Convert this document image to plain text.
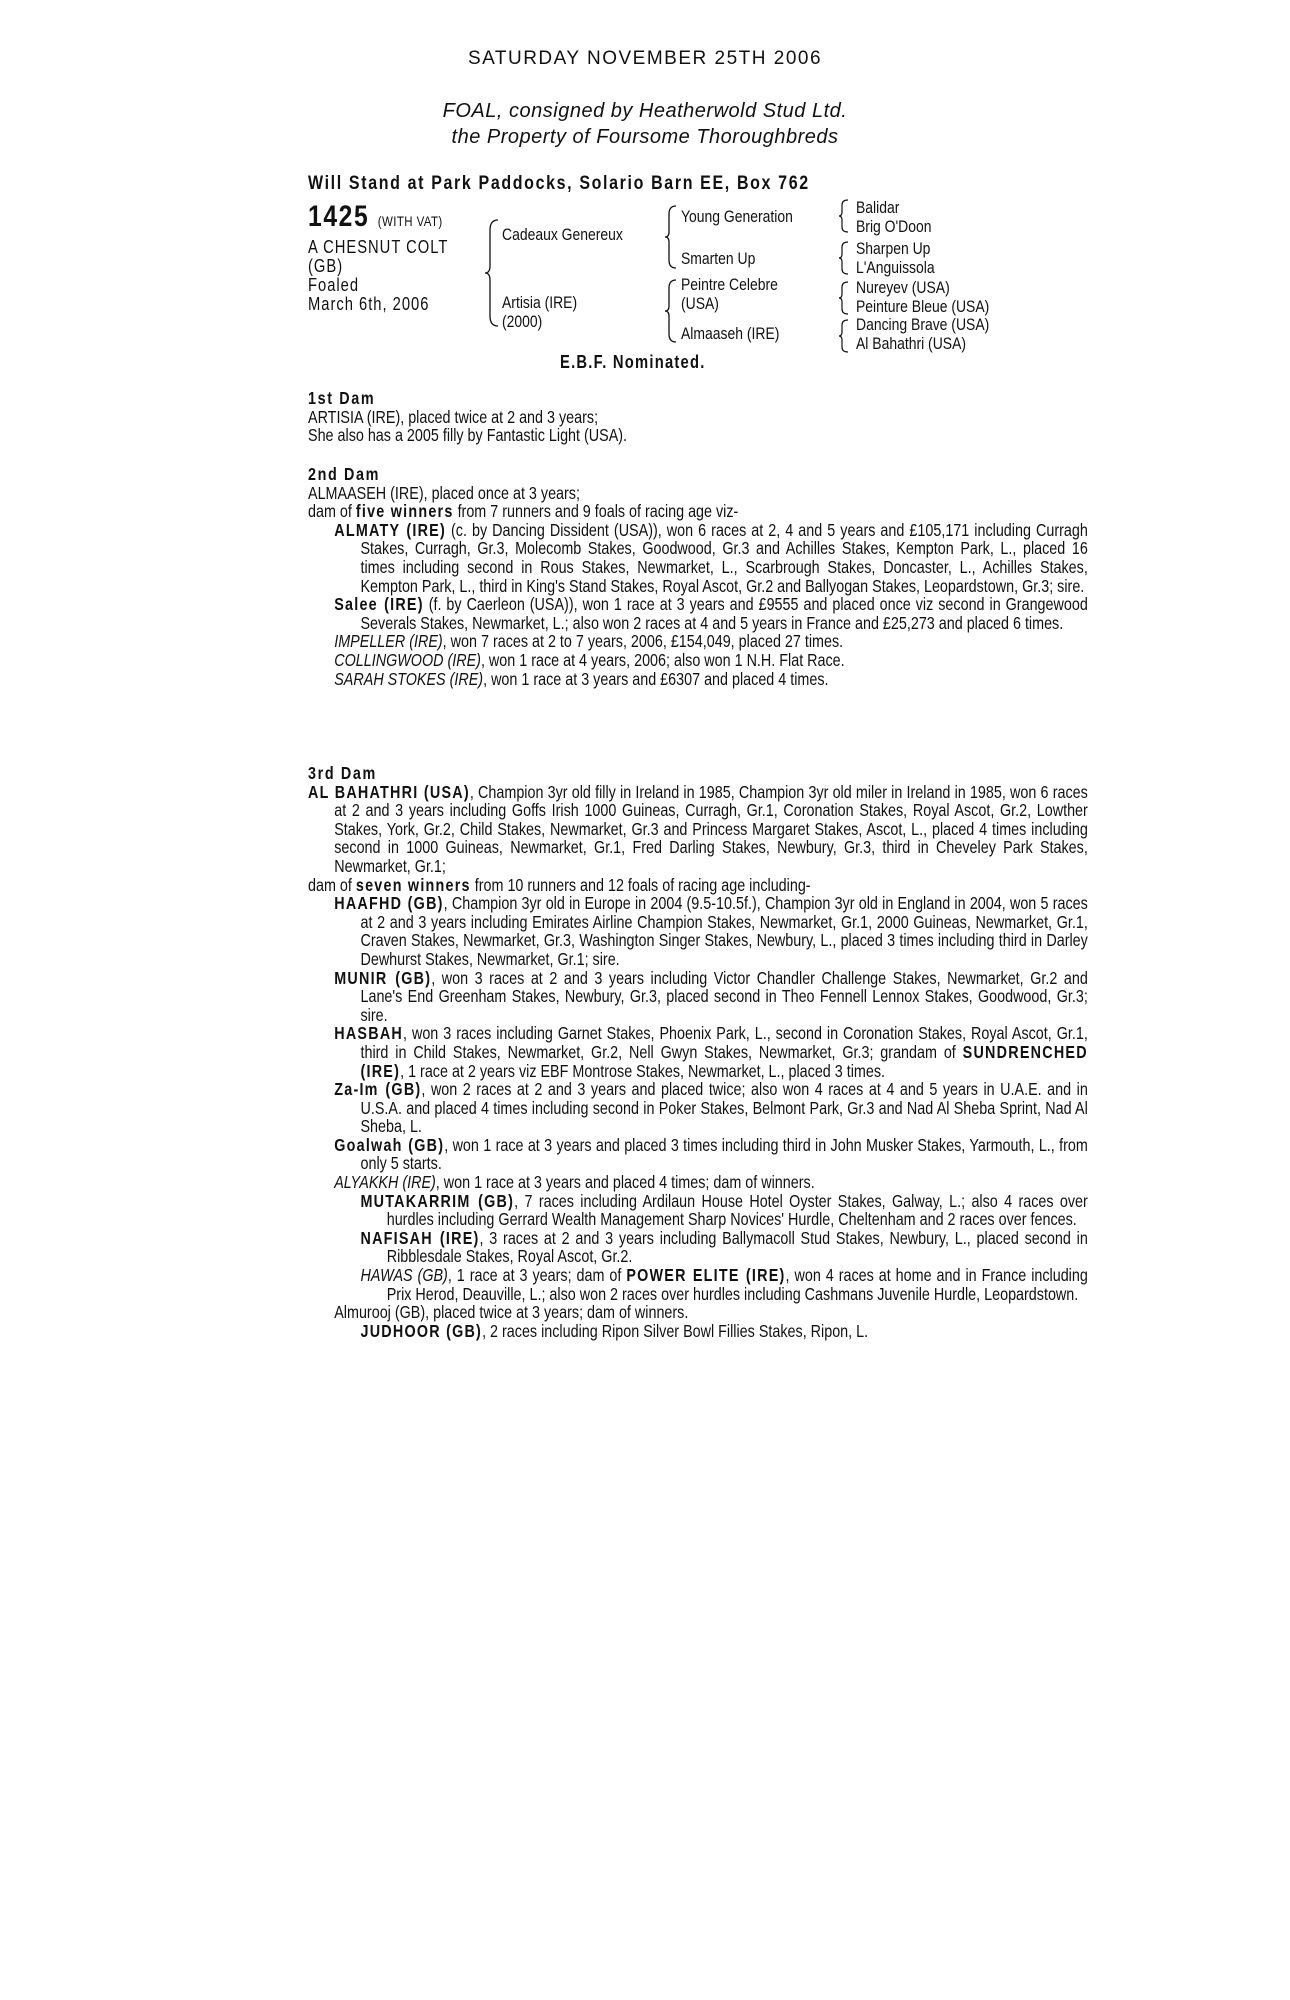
SATURDAY NOVEMBER 25TH 2006
FOAL, consigned by Heatherwold Stud Ltd.
the Property of Foursome Thoroughbreds
Will Stand at Park Paddocks, Solario Barn EE, Box 762
1425 (WITH VAT)
A CHESNUT COLT
(GB)
Foaled
March 6th, 2006
Cadeaux Genereux
Artisia (IRE)
(2000)
Young Generation
Smarten Up
Peintre Celebre
(USA)
Almaaseh (IRE)
Balidar
Brig O'Doon
Sharpen Up
L'Anguissola
Nureyev (USA)
Peinture Bleue (USA)
Dancing Brave (USA)
Al Bahathri (USA)
E.B.F. Nominated.

1st Dam

ARTISIA (IRE), placed twice at 2 and 3 years;

She also has a 2005 filly by Fantastic Light (USA).

2nd Dam

ALMAASEH (IRE), placed once at 3 years;

dam of five winners from 7 runners and 9 foals of racing age viz-

ALMATY (IRE) (c. by Dancing Dissident (USA)), won 6 races at 2, 4 and 5 years and £105,171 including Curragh Stakes, Curragh, Gr.3, Molecomb Stakes, Goodwood, Gr.3 and Achilles Stakes, Kempton Park, L., placed 16 times including second in Rous Stakes, Newmarket, L., Scarbrough Stakes, Doncaster, L., Achilles Stakes, Kempton Park, L., third in King's Stand Stakes, Royal Ascot, Gr.2 and Ballyogan Stakes, Leopardstown, Gr.3; sire.

Salee (IRE) (f. by Caerleon (USA)), won 1 race at 3 years and £9555 and placed once viz second in Grangewood Severals Stakes, Newmarket, L.; also won 2 races at 4 and 5 years in France and £25,273 and placed 6 times.

IMPELLER (IRE), won 7 races at 2 to 7 years, 2006, £154,049, placed 27 times.

COLLINGWOOD (IRE), won 1 race at 4 years, 2006; also won 1 N.H. Flat Race.

SARAH STOKES (IRE), won 1 race at 3 years and £6307 and placed 4 times.

3rd Dam

AL BAHATHRI (USA), Champion 3yr old filly in Ireland in 1985, Champion 3yr old miler in Ireland in 1985, won 6 races at 2 and 3 years including Goffs Irish 1000 Guineas, Curragh, Gr.1, Coronation Stakes, Royal Ascot, Gr.2, Lowther Stakes, York, Gr.2, Child Stakes, Newmarket, Gr.3 and Princess Margaret Stakes, Ascot, L., placed 4 times including second in 1000 Guineas, Newmarket, Gr.1, Fred Darling Stakes, Newbury, Gr.3, third in Cheveley Park Stakes, Newmarket, Gr.1;

dam of seven winners from 10 runners and 12 foals of racing age including-

HAAFHD (GB), Champion 3yr old in Europe in 2004 (9.5-10.5f.), Champion 3yr old in England in 2004, won 5 races at 2 and 3 years including Emirates Airline Champion Stakes, Newmarket, Gr.1, 2000 Guineas, Newmarket, Gr.1, Craven Stakes, Newmarket, Gr.3, Washington Singer Stakes, Newbury, L., placed 3 times including third in Darley Dewhurst Stakes, Newmarket, Gr.1; sire.

MUNIR (GB), won 3 races at 2 and 3 years including Victor Chandler Challenge Stakes, Newmarket, Gr.2 and Lane's End Greenham Stakes, Newbury, Gr.3, placed second in Theo Fennell Lennox Stakes, Goodwood, Gr.3; sire.

HASBAH, won 3 races including Garnet Stakes, Phoenix Park, L., second in Coronation Stakes, Royal Ascot, Gr.1, third in Child Stakes, Newmarket, Gr.2, Nell Gwyn Stakes, Newmarket, Gr.3; grandam of SUNDRENCHED (IRE), 1 race at 2 years viz EBF Montrose Stakes, Newmarket, L., placed 3 times.

Za-Im (GB), won 2 races at 2 and 3 years and placed twice; also won 4 races at 4 and 5 years in U.A.E. and in U.S.A. and placed 4 times including second in Poker Stakes, Belmont Park, Gr.3 and Nad Al Sheba Sprint, Nad Al Sheba, L.

Goalwah (GB), won 1 race at 3 years and placed 3 times including third in John Musker Stakes, Yarmouth, L., from only 5 starts.

ALYAKKH (IRE), won 1 race at 3 years and placed 4 times; dam of winners.

MUTAKARRIM (GB), 7 races including Ardilaun House Hotel Oyster Stakes, Galway, L.; also 4 races over hurdles including Gerrard Wealth Management Sharp Novices' Hurdle, Cheltenham and 2 races over fences.

NAFISAH (IRE), 3 races at 2 and 3 years including Ballymacoll Stud Stakes, Newbury, L., placed second in Ribblesdale Stakes, Royal Ascot, Gr.2.

HAWAS (GB), 1 race at 3 years; dam of POWER ELITE (IRE), won 4 races at home and in France including Prix Herod, Deauville, L.; also won 2 races over hurdles including Cashmans Juvenile Hurdle, Leopardstown.

Almurooj (GB), placed twice at 3 years; dam of winners.

JUDHOOR (GB), 2 races including Ripon Silver Bowl Fillies Stakes, Ripon, L.
